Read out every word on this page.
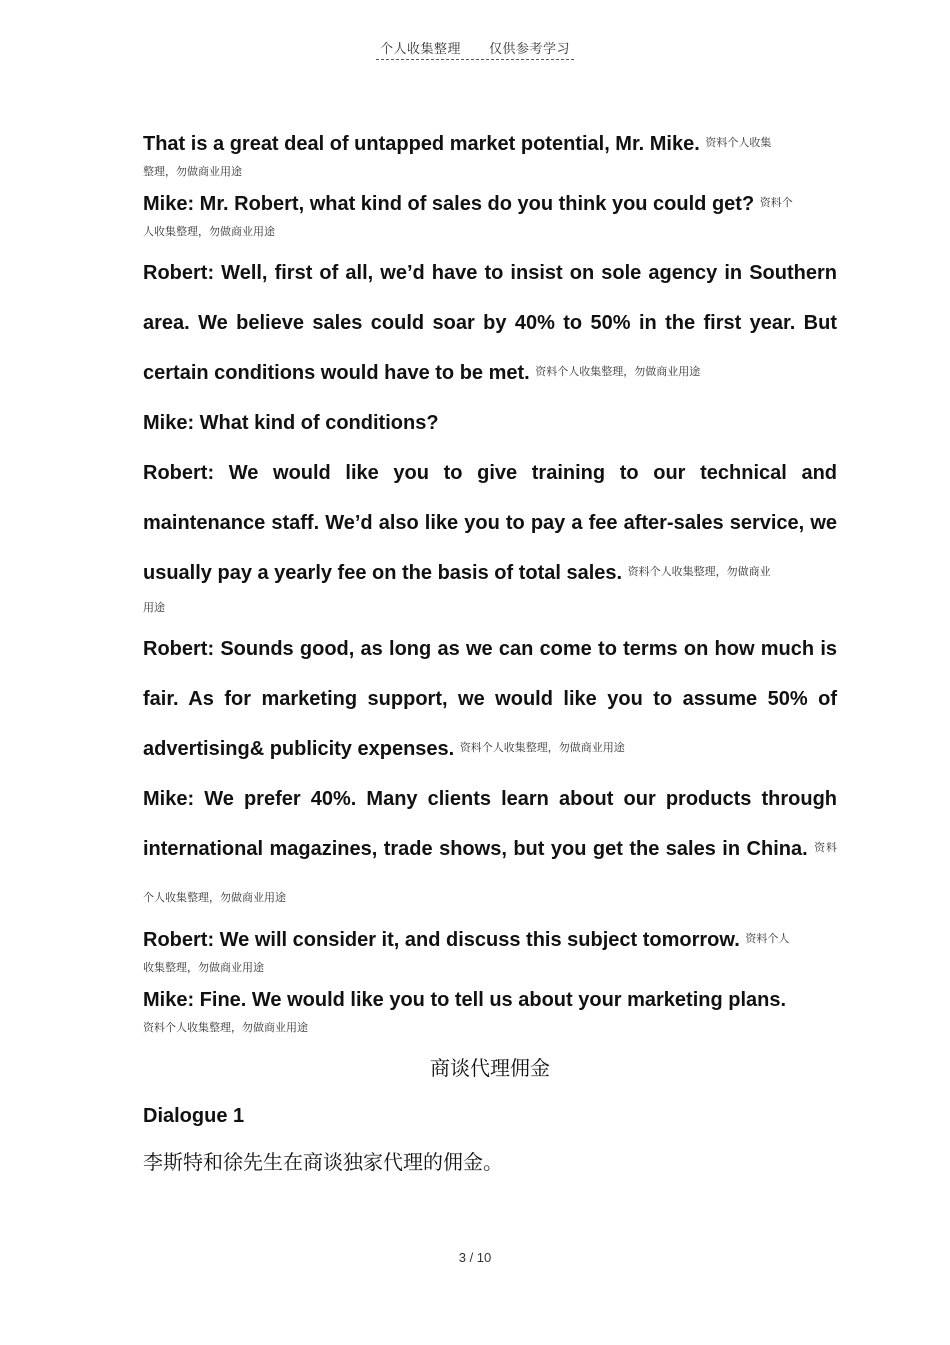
个人收集整理 仅供参考学习

That is a great deal of untapped market potential, Mr. Mike. $^{资料个人收集}$

整理，勿做商业用途

Mike: Mr. Robert, what kind of sales do you think you could get? $^{资料个}$

人收集整理，勿做商业用途

Robert: Well, first of all, we’d have to insist on sole agency in Southern area. We believe sales could soar by 40% to 50% in the first year. But certain conditions would have to be met. $^{资料个人收集整理,勿做商业用途}$

Mike: What kind of conditions?

Robert: We would like you to give training to our technical and maintenance staff. We’d also like you to pay a fee after-sales service, we usually pay a yearly fee on the basis of total sales. $^{资料个人收集整理,勿做商业}$

用途

Robert: Sounds good, as long as we can come to terms on how much is fair. As for marketing support, we would like you to assume 50% of advertising& publicity expenses. $^{资料个人收集整理,勿做商业用途}$

Mike: We prefer 40%. Many clients learn about our products through international magazines, trade shows, but you get the sales in China. $^{资料个人收集整理,勿做商业用途}$

Robert: We will consider it, and discuss this subject tomorrow. $^{资料个人}$

收集整理，勿做商业用途

Mike: Fine. We would like you to tell us about your marketing plans.

资料个人收集整理，勿做商业用途
商谈代理佣金
Dialogue 1
李斯特和徐先生在商谈独家代理的佣金。
3 / 10
